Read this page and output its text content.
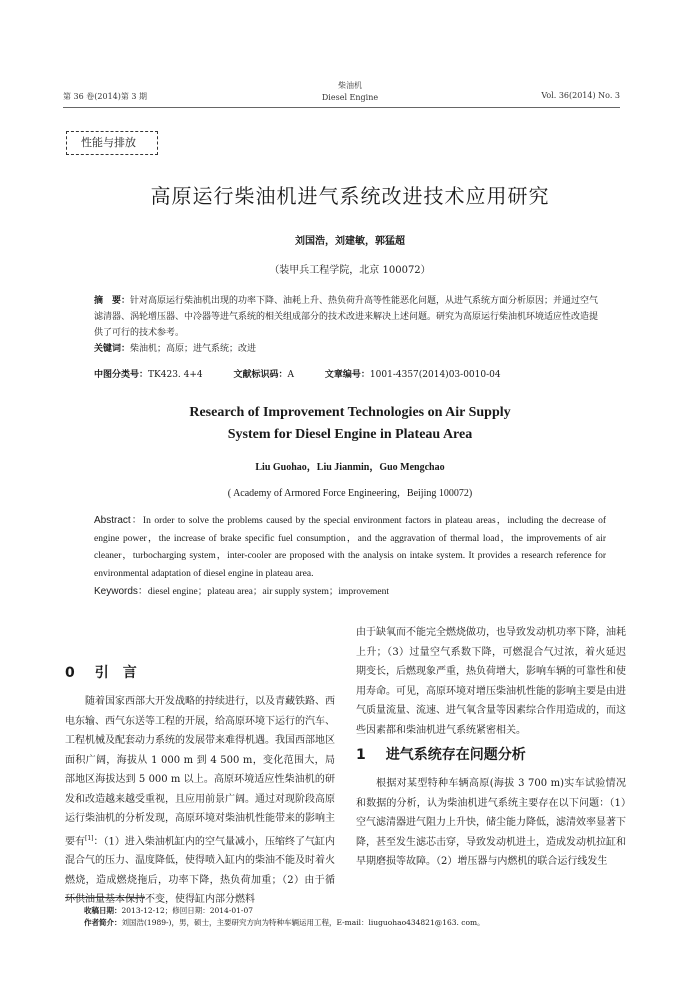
第 36 卷(2014)第 3 期
柴油机
Diesel Engine	Vol. 36(2014) No. 3
性能与排放
高原运行柴油机进气系统改进技术应用研究
刘国浩，刘建敏，郭猛超
（装甲兵工程学院，北京 100072）
摘　要：针对高原运行柴油机出现的功率下降、油耗上升、热负荷升高等性能恶化问题，从进气系统方面分析原因；并通过空气滤清器、涡轮增压器、中冷器等进气系统的相关组成部分的技术改进来解决上述问题。研究为高原运行柴油机环境适应性改造提供了可行的技术参考。
关键词：柴油机；高原；进气系统；改进
中图分类号：TK423. 4+4	文献标识码：A	文章编号：1001-4357(2014)03-0010-04
Research of Improvement Technologies on Air Supply
System for Diesel Engine in Plateau Area
Liu Guohao，Liu Jianmin，Guo Mengchao
( Academy of Armored Force Engineering，Beijing 100072)
Abstract：In order to solve the problems caused by the special environment factors in plateau areas，including the decrease of engine power，the increase of brake specific fuel consumption，and the aggravation of thermal load，the improvements of air cleaner，turbocharging system，inter-cooler are proposed with the analysis on intake system. It provides a research reference for environmental adaptation of diesel engine in plateau area.
Keywords：diesel engine；plateau area；air supply system；improvement
0 引　言

随着国家西部大开发战略的持续进行，以及青藏铁路、西电东输、西气东送等工程的开展，给高原环境下运行的汽车、工程机械及配套动力系统的发展带来难得机遇。我国西部地区面积广阔，海拔从 1 000 m 到 4 500 m，变化范围大，局部地区海拔达到 5 000 m 以上。高原环境适应性柴油机的研发和改造越来越受重视，且应用前景广阔。通过对现阶段高原运行柴油机的分析发现，高原环境对柴油机性能带来的影响主要有[1]：（1）进入柴油机缸内的空气量减小，压缩终了气缸内混合气的压力、温度降低，使得喷入缸内的柴油不能及时着火燃烧，造成燃烧拖后，功率下降，热负荷加重；（2）由于循环供油量基本保持不变，使得缸内部分燃料

由于缺氧而不能完全燃烧做功，也导致发动机功率下降，油耗上升；（3）过量空气系数下降，可燃混合气过浓，着火延迟期变长，后燃现象严重，热负荷增大，影响车辆的可靠性和使用寿命。可见，高原环境对增压柴油机性能的影响主要是由进气质量流量、流速、进气氧含量等因素综合作用造成的，而这些因素都和柴油机进气系统紧密相关。

1 进气系统存在问题分析

根据对某型特种车辆高原(海拔 3 700 m)实车试验情况和数据的分析，认为柴油机进气系统主要存在以下问题：（1）空气滤清器进气阻力上升快，储尘能力降低，滤清效率显著下降，甚至发生滤芯击穿，导致发动机进土，造成发动机拉缸和早期磨损等故障。（2）增压器与内燃机的联合运行线发生

收稿日期：2013-12-12；修回日期：2014-01-07
作者简介：刘国浩(1989-)，男，硕士，主要研究方向为特种车辆运用工程，E-mail：liuguohao434821@163. com。
